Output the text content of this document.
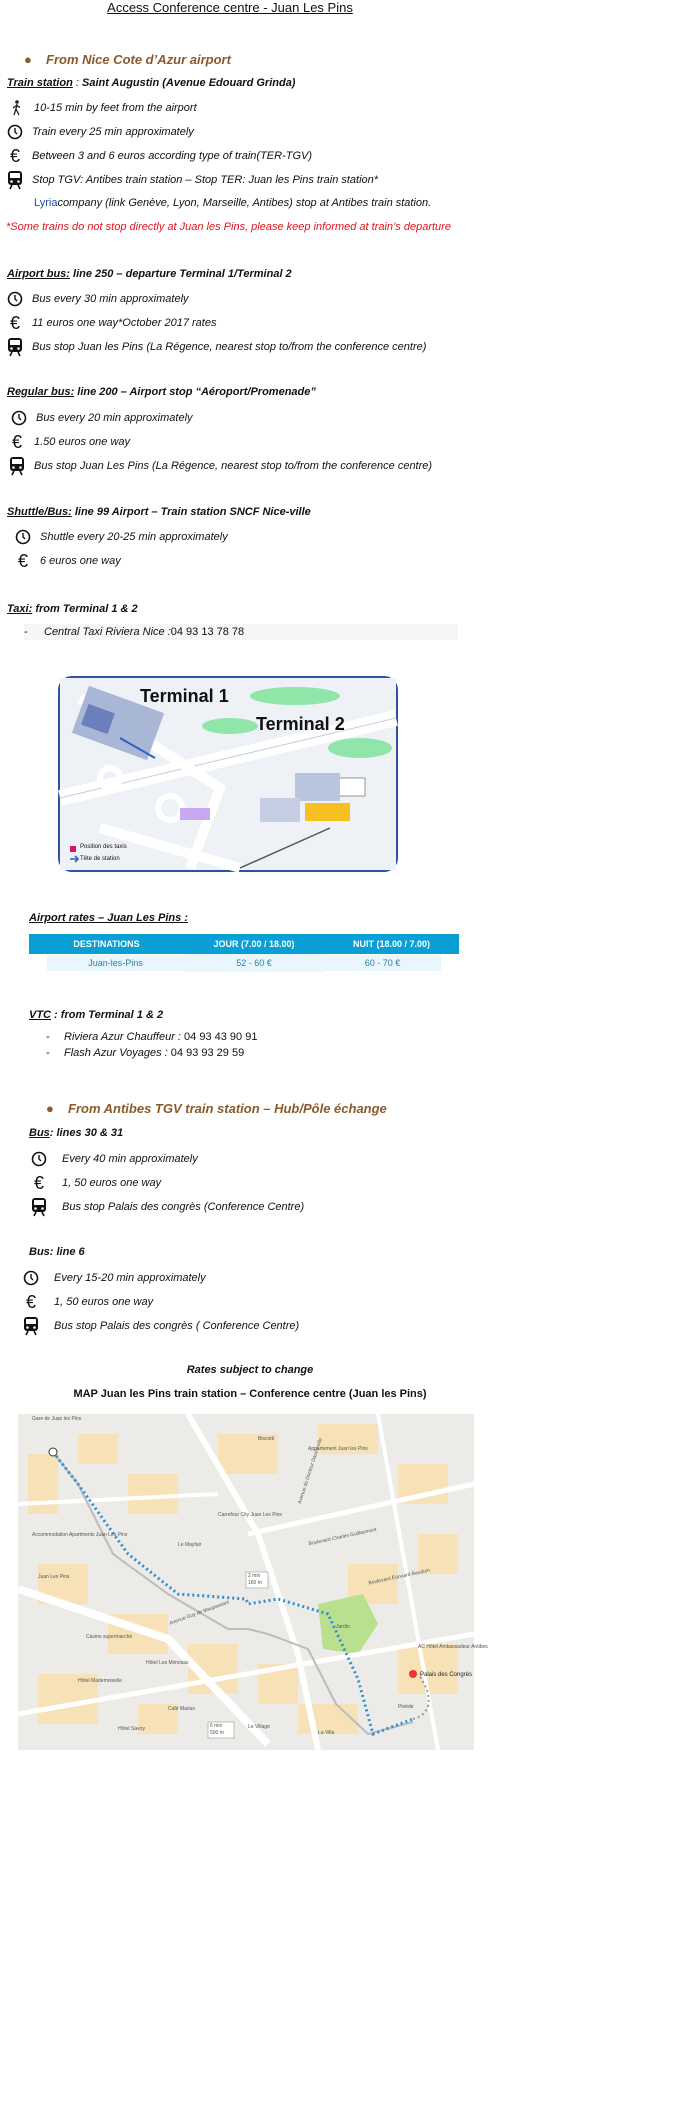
Access Conference centre - Juan Les Pins
● From Nice Cote d’Azur airport
Train station : Saint Augustin (Avenue Edouard Grinda)
10-15 min by feet from the airport
Train every 25 min approximately
€	Between 3 and 6 euros according type of train (TER-TGV)
Stop TGV: Antibes train station – Stop TER: Juan les Pins train station*
Lyria company (link Genève, Lyon, Marseille, Antibes) stop at Antibes train station.
*Some trains do not stop directly at Juan les Pins, please keep informed at train’s departure
Airport bus: line 250 – departure Terminal 1/Terminal 2
Bus every 30 min approximately
€	11 euros one way*October 2017 rates
Bus stop Juan les Pins (La Régence, nearest stop to/from the conference centre)
Regular bus: line 200 – Airport stop “Aéroport/Promenade”
Bus every 20 min approximately
€	1.50 euros one way
Bus stop Juan Les Pins (La Régence, nearest stop to/from the conference centre)
Shuttle/Bus: line 99 Airport – Train station SNCF Nice-ville
Shuttle every 20-25 min approximately
€	6 euros one way
Taxi: from Terminal 1 & 2
-	Central Taxi Riviera Nice : 04 93 13 78 78
Terminal 1
Terminal 2
Position des taxis
Tête de station
Airport rates – Juan Les Pins :
DESTINATIONS	JOUR (7.00 / 18.00)	NUIT (18.00 / 7.00)

Juan-les-Pins	52 - 60 €	60 - 70 €
VTC : from Terminal 1 & 2
- Riviera Azur Chauffeur : 04 93 43 90 91
- Flash Azur Voyages : 04 93 93 29 59
● From Antibes TGV train station – Hub/Pôle échange
Bus: lines 30 & 31
Every 40 min approximately
€	1, 50 euros one way
Bus stop Palais des congrès (Conference Centre)
Bus: line 6
Every 15-20 min approximately
€	1, 50 euros one way
Bus stop Palais des congrès ( Conference Centre)
Rates subject to change
MAP Juan les Pins train station – Conference centre (Juan les Pins)
2 min
160 m
6 min
500 m
Gare de Juan les Pins
Biscotti
Appartement Juan les Pins
Carrefour City Juan Les Pins
Le Mayfair
Accommodation Apartments Juan Les Pins
Juan Les Pins
Casino supermarché
Hôtel Les Mimosas
Hôtel Mademoiselle
Café Marius
Hôtel Savoy
La Villa
Le Village
Jardin
Palais des Congrès
AC Hôtel Ambassadeur Antibes
Pinède
Avenue du Docteur Dautheville
Boulevard Charles Guillaumont
Avenue Guy de Maupassant
Boulevard Édouard Baudoin
